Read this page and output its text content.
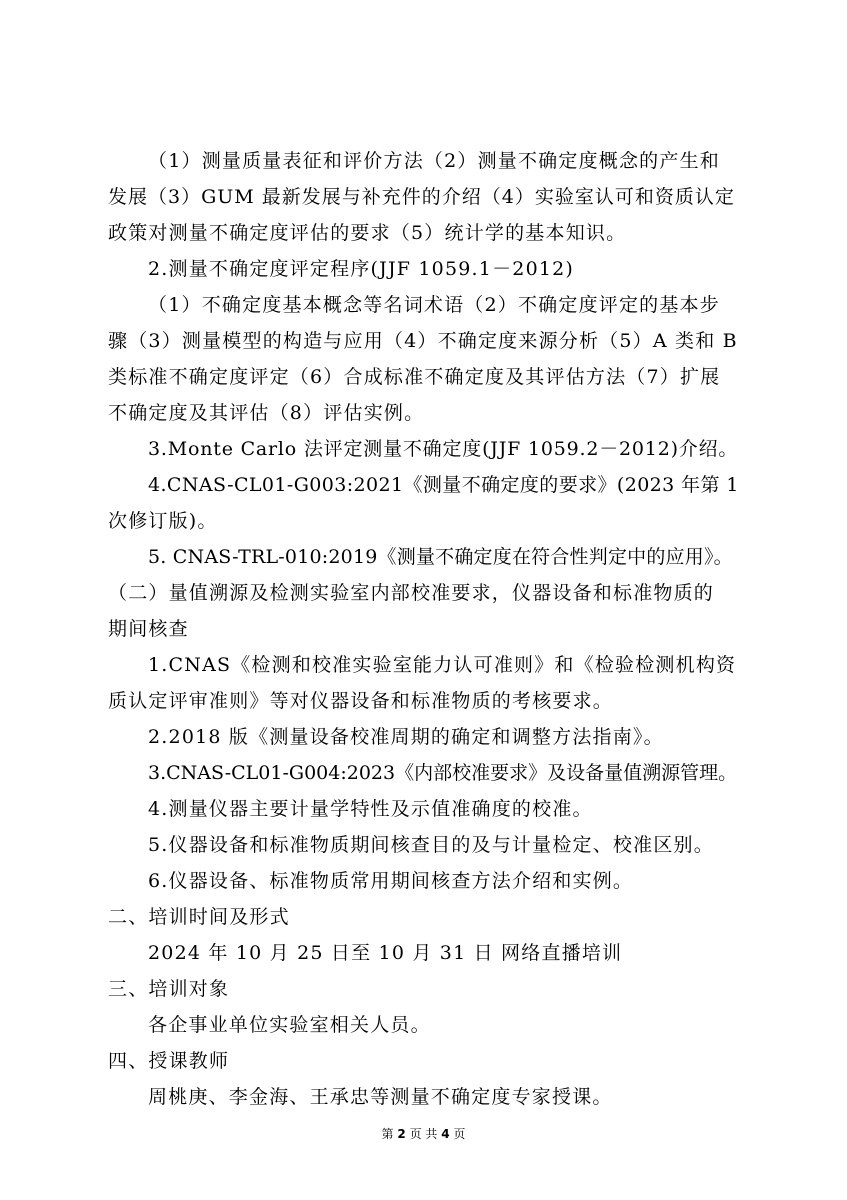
（1）测量质量表征和评价方法（2）测量不确定度概念的产生和
发展（3）GUM 最新发展与补充件的介绍（4）实验室认可和资质认定
政策对测量不确定度评估的要求（5）统计学的基本知识。
2.测量不确定度评定程序(JJF 1059.1－2012)
（1）不确定度基本概念等名词术语（2）不确定度评定的基本步
骤（3）测量模型的构造与应用（4）不确定度来源分析（5）A 类和 B
类标准不确定度评定（6）合成标准不确定度及其评估方法（7）扩展
不确定度及其评估（8）评估实例。
3.Monte Carlo 法评定测量不确定度(JJF 1059.2－2012)介绍。
4.CNAS-CL01-G003:2021《测量不确定度的要求》(2023 年第 1
次修订版)。
5. CNAS-TRL-010:2019《测量不确定度在符合性判定中的应用》。
（二）量值溯源及检测实验室内部校准要求，仪器设备和标准物质的
期间核查
1.CNAS《检测和校准实验室能力认可准则》和《检验检测机构资
质认定评审准则》等对仪器设备和标准物质的考核要求。
2.2018 版《测量设备校准周期的确定和调整方法指南》。
3.CNAS-CL01-G004:2023《内部校准要求》及设备量值溯源管理。
4.测量仪器主要计量学特性及示值准确度的校准。
5.仪器设备和标准物质期间核查目的及与计量检定、校准区别。
6.仪器设备、标准物质常用期间核查方法介绍和实例。
二、培训时间及形式
2024 年 10 月 25 日至 10 月 31 日 网络直播培训
三、培训对象
各企事业单位实验室相关人员。
四、授课教师
周桃庚、李金海、王承忠等测量不确定度专家授课。
第 2 页 共 4 页
